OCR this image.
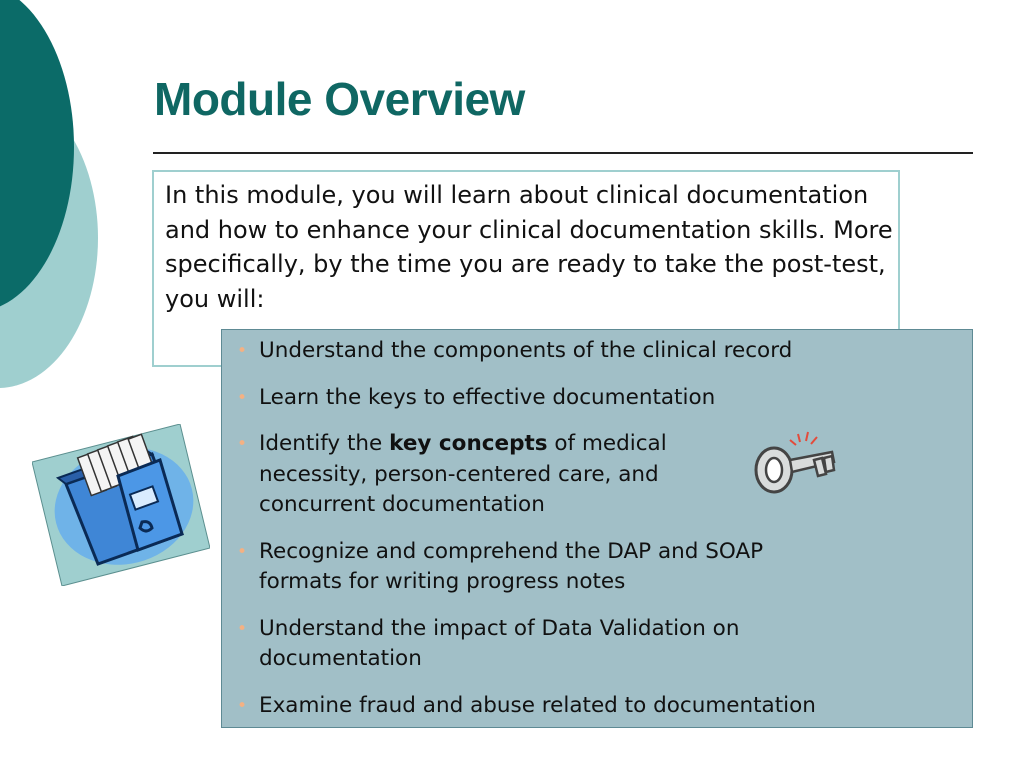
Module Overview

In this module, you will learn about clinical documentation and how to enhance your clinical documentation skills. More specifically, by the time you are ready to take the post-test, you will:

• Understand the components of the clinical record
• Learn the keys to effective documentation
• Identify the key concepts of medical
necessity, person-centered care, and
concurrent documentation
• Recognize and comprehend the DAP and SOAP formats for writing progress notes
• Understand the impact of Data Validation on documentation
• Examine fraud and abuse related to documentation
